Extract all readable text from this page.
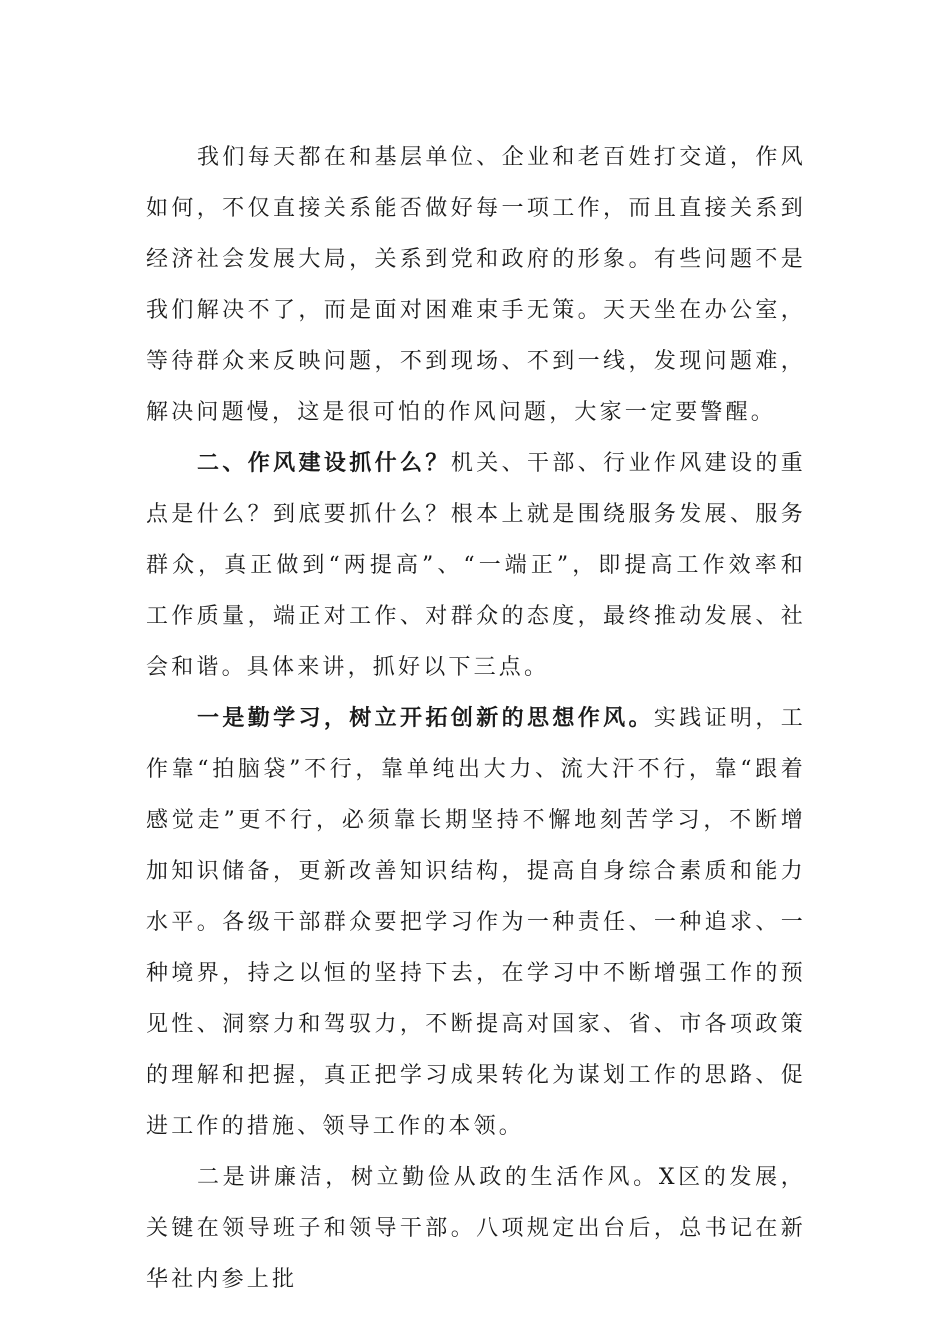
我们每天都在和基层单位、企业和老百姓打交道，作风如何，不仅直接关系能否做好每一项工作，而且直接关系到经济社会发展大局，关系到党和政府的形象。有些问题不是我们解决不了，而是面对困难束手无策。天天坐在办公室，等待群众来反映问题，不到现场、不到一线，发现问题难，解决问题慢，这是很可怕的作风问题，大家一定要警醒。

二、作风建设抓什么？机关、干部、行业作风建设的重点是什么？到底要抓什么？根本上就是围绕服务发展、服务群众，真正做到“两提高”、“一端正”，即提高工作效率和工作质量，端正对工作、对群众的态度，最终推动发展、社会和谐。具体来讲，抓好以下三点。

一是勤学习，树立开拓创新的思想作风。实践证明，工作靠“拍脑袋”不行，靠单纯出大力、流大汗不行，靠“跟着感觉走”更不行，必须靠长期坚持不懈地刻苦学习，不断增加知识储备，更新改善知识结构，提高自身综合素质和能力水平。各级干部群众要把学习作为一种责任、一种追求、一种境界，持之以恒的坚持下去，在学习中不断增强工作的预见性、洞察力和驾驭力，不断提高对国家、省、市各项政策的理解和把握，真正把学习成果转化为谋划工作的思路、促进工作的措施、领导工作的本领。

二是讲廉洁，树立勤俭从政的生活作风。X区的发展，关键在领导班子和领导干部。八项规定出台后，总书记在新华社内参上批
